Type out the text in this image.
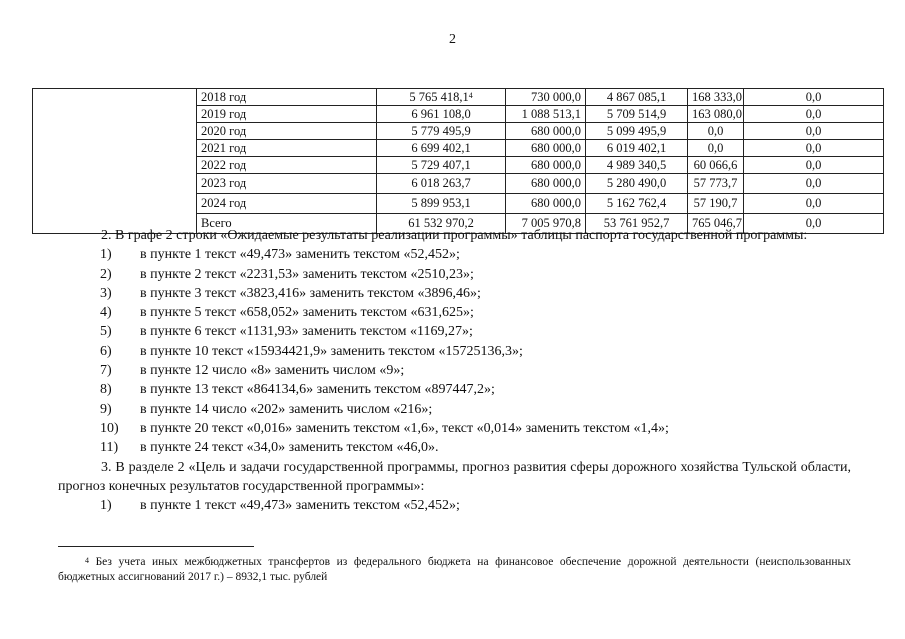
2
	2018 год	5 765 418,1$^4$	730 000,0	4 867 085,1	168 333,0	0,0
	2019 год	6 961 108,0	1 088 513,1	5 709 514,9	163 080,0	0,0
	2020 год	5 779 495,9	680 000,0	5 099 495,9	0,0	0,0
	2021 год	6 699 402,1	680 000,0	6 019 402,1	0,0	0,0
	2022 год	5 729 407,1	680 000,0	4 989 340,5	60 066,6	0,0
	2023 год	6 018 263,7	680 000,0	5 280 490,0	57 773,7	0,0
	2024 год	5 899 953,1	680 000,0	5 162 762,4	57 190,7	0,0
	Всего	61 532 970,2	7 005 970,8	53 761 952,7	765 046,7	0,0

2. В графе 2 строки «Ожидаемые результаты реализации программы» таблицы паспорта государственной программы:

1)	в пункте 1 текст «49,473» заменить текстом «52,452»;
2)	в пункте 2 текст «2231,53» заменить текстом «2510,23»;
3)	в пункте 3 текст «3823,416» заменить текстом «3896,46»;
4)	в пункте 5 текст «658,052» заменить текстом «631,625»;
5)	в пункте 6 текст «1131,93» заменить текстом «1169,27»;
6)	в пункте 10 текст «15934421,9» заменить текстом «15725136,3»;
7)	в пункте 12 число «8» заменить числом «9»;
8)	в пункте 13 текст «864134,6» заменить текстом «897447,2»;
9)	в пункте 14 число «202» заменить числом «216»;
10)	в пункте 20 текст «0,016» заменить текстом «1,6», текст «0,014» заменить текстом «1,4»;
11)	в пункте 24 текст «34,0» заменить текстом «46,0».

3. В разделе 2 «Цель и задачи государственной программы, прогноз развития сферы дорожного хозяйства Тульской области, прогноз конечных результатов государственной программы»:

1)	в пункте 1 текст «49,473» заменить текстом «52,452»;

$^4$ Без учета иных межбюджетных трансфертов из федерального бюджета на финансовое обеспечение дорожной деятельности (неиспользованных бюджетных ассигнований 2017 г.) – 8932,1 тыс. рублей
